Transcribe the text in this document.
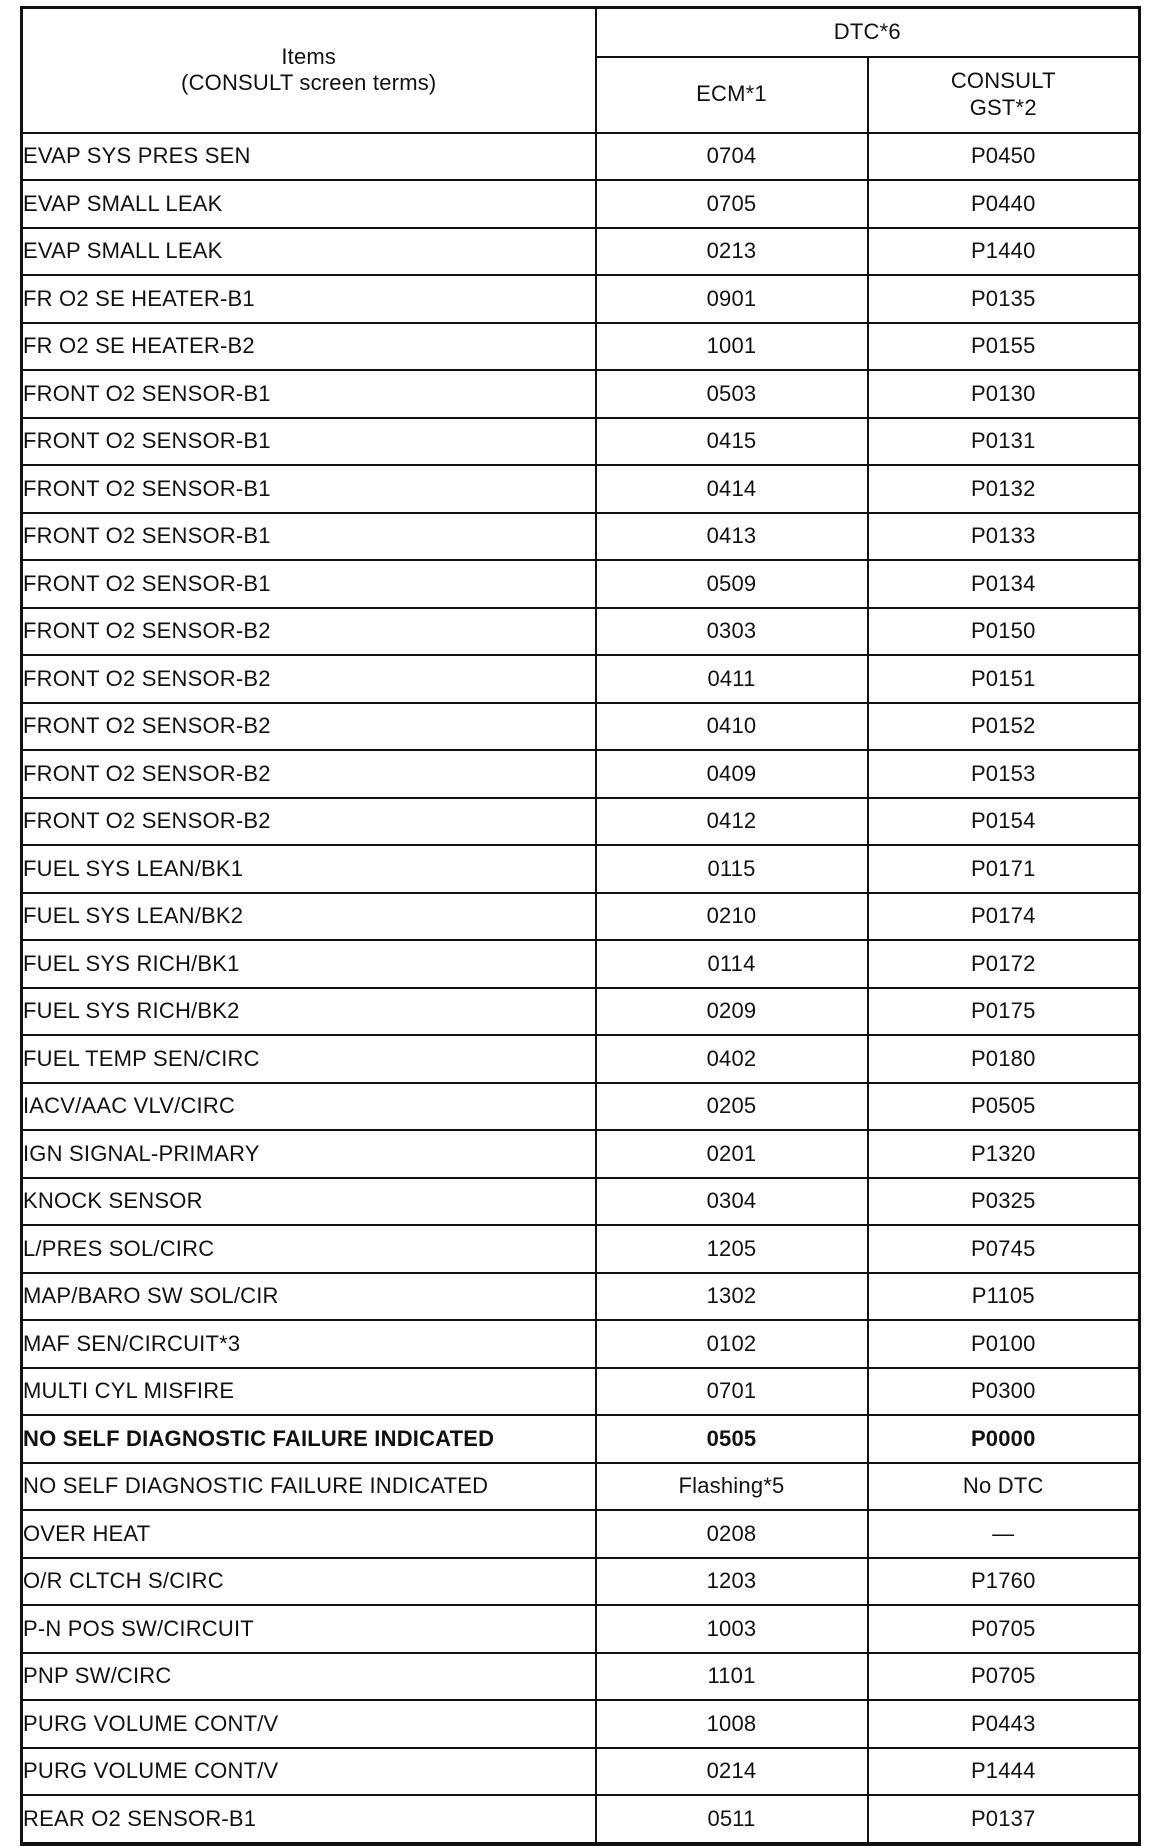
Items
(CONSULT screen terms)	DTC*6	
	ECM*1	CONSULT
GST*2
EVAP SYS PRES SEN	0704	P0450
EVAP SMALL LEAK	0705	P0440
EVAP SMALL LEAK	0213	P1440
FR O2 SE HEATER-B1	0901	P0135
FR O2 SE HEATER-B2	1001	P0155
FRONT O2 SENSOR-B1	0503	P0130
FRONT O2 SENSOR-B1	0415	P0131
FRONT O2 SENSOR-B1	0414	P0132
FRONT O2 SENSOR-B1	0413	P0133
FRONT O2 SENSOR-B1	0509	P0134
FRONT O2 SENSOR-B2	0303	P0150
FRONT O2 SENSOR-B2	0411	P0151
FRONT O2 SENSOR-B2	0410	P0152
FRONT O2 SENSOR-B2	0409	P0153
FRONT O2 SENSOR-B2	0412	P0154
FUEL SYS LEAN/BK1	0115	P0171
FUEL SYS LEAN/BK2	0210	P0174
FUEL SYS RICH/BK1	0114	P0172
FUEL SYS RICH/BK2	0209	P0175
FUEL TEMP SEN/CIRC	0402	P0180
IACV/AAC VLV/CIRC	0205	P0505
IGN SIGNAL-PRIMARY	0201	P1320
KNOCK SENSOR	0304	P0325
L/PRES SOL/CIRC	1205	P0745
MAP/BARO SW SOL/CIR	1302	P1105
MAF SEN/CIRCUIT*3	0102	P0100
MULTI CYL MISFIRE	0701	P0300
NO SELF DIAGNOSTIC FAILURE INDICATED	0505	P0000
NO SELF DIAGNOSTIC FAILURE INDICATED	Flashing*5	No DTC
OVER HEAT	0208	—
O/R CLTCH S/CIRC	1203	P1760
P-N POS SW/CIRCUIT	1003	P0705
PNP SW/CIRC	1101	P0705
PURG VOLUME CONT/V	1008	P0443
PURG VOLUME CONT/V	0214	P1444
REAR O2 SENSOR-B1	0511	P0137
